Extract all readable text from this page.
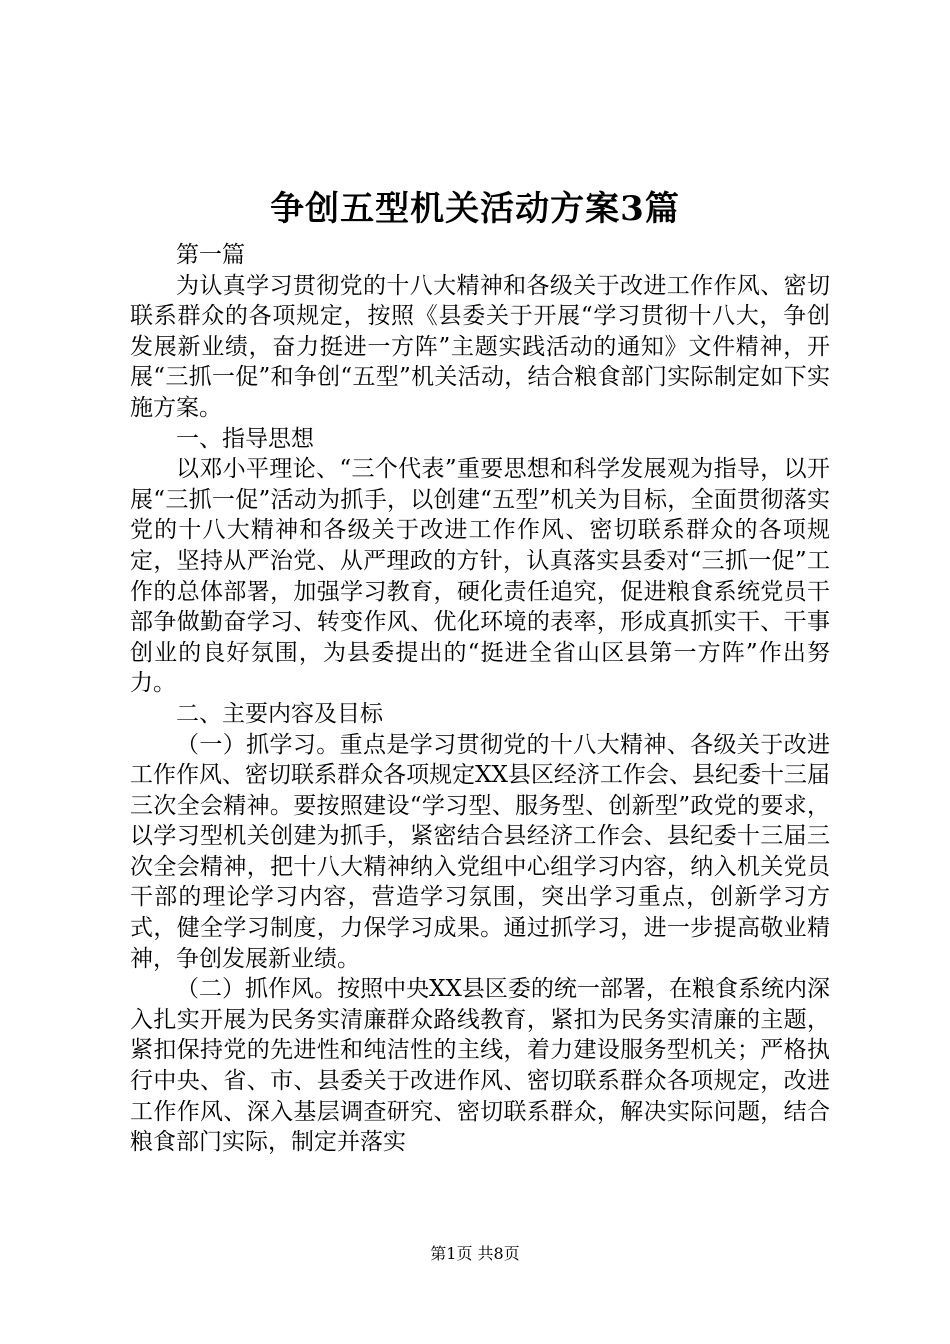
争创五型机关活动方案3篇

第一篇

为认真学习贯彻党的十八大精神和各级关于改进工作作风、密切联系群众的各项规定，按照《县委关于开展“学习贯彻十八大，争创发展新业绩，奋力挺进一方阵”主题实践活动的通知》文件精神，开展“三抓一促”和争创“五型”机关活动，结合粮食部门实际制定如下实施方案。

一、指导思想

以邓小平理论、“三个代表”重要思想和科学发展观为指导，以开展“三抓一促”活动为抓手，以创建“五型”机关为目标，全面贯彻落实党的十八大精神和各级关于改进工作作风、密切联系群众的各项规定，坚持从严治党、从严理政的方针，认真落实县委对“三抓一促”工作的总体部署，加强学习教育，硬化责任追究，促进粮食系统党员干部争做勤奋学习、转变作风、优化环境的表率，形成真抓实干、干事创业的良好氛围，为县委提出的“挺进全省山区县第一方阵”作出努力。

二、主要内容及目标

（一）抓学习。重点是学习贯彻党的十八大精神、各级关于改进工作作风、密切联系群众各项规定XX县区经济工作会、县纪委十三届三次全会精神。要按照建设“学习型、服务型、创新型”政党的要求，以学习型机关创建为抓手，紧密结合县经济工作会、县纪委十三届三次全会精神，把十八大精神纳入党组中心组学习内容，纳入机关党员干部的理论学习内容，营造学习氛围，突出学习重点，创新学习方式，健全学习制度，力保学习成果。通过抓学习，进一步提高敬业精神，争创发展新业绩。

（二）抓作风。按照中央XX县区委的统一部署，在粮食系统内深入扎实开展为民务实清廉群众路线教育，紧扣为民务实清廉的主题，紧扣保持党的先进性和纯洁性的主线，着力建设服务型机关；严格执行中央、省、市、县委关于改进作风、密切联系群众各项规定，改进工作作风、深入基层调查研究、密切联系群众，解决实际问题，结合粮食部门实际，制定并落实

第1页 共8页
